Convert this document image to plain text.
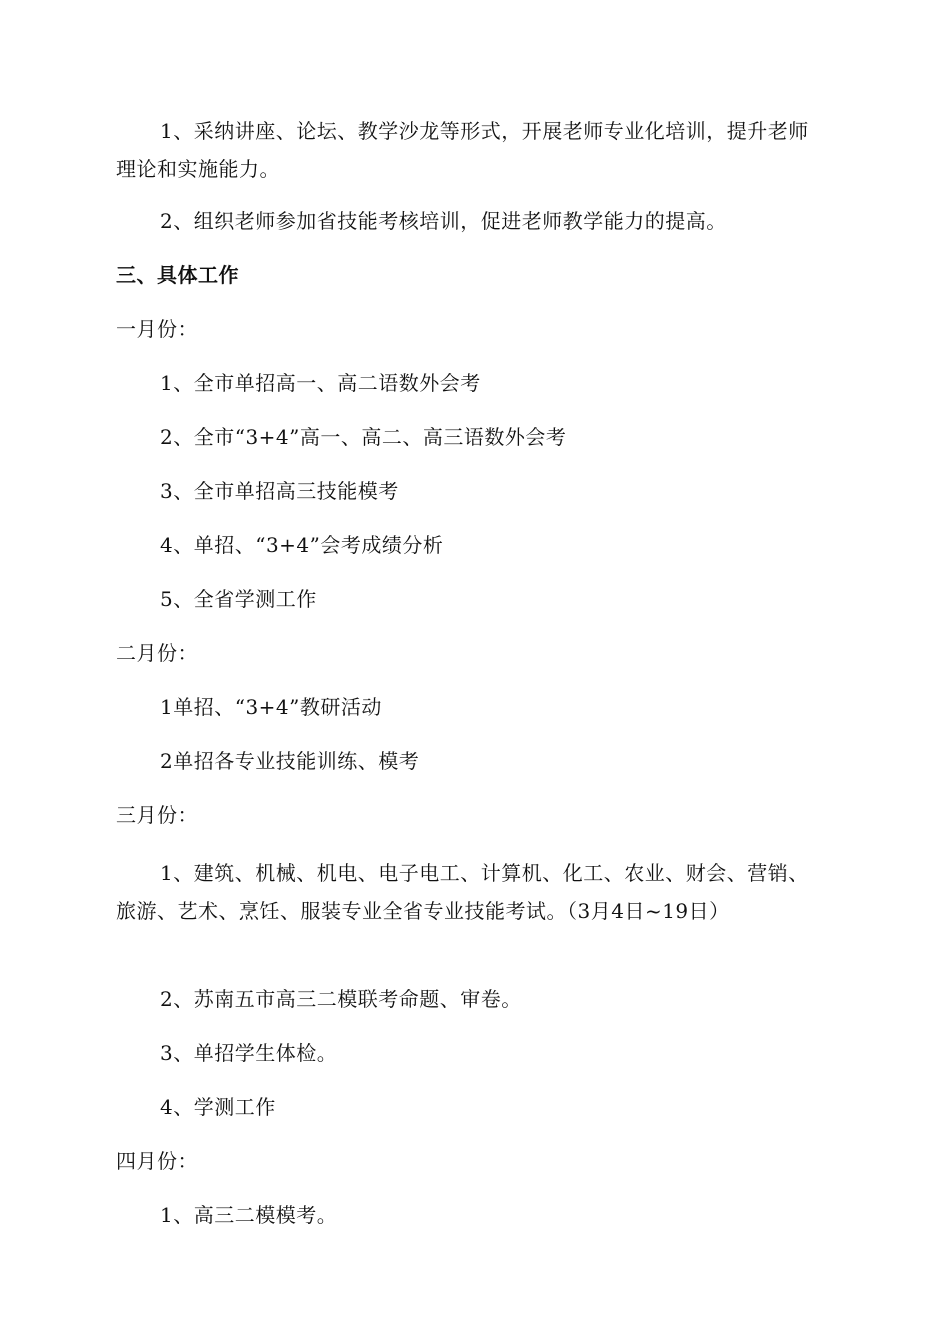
1、采纳讲座、论坛、教学沙龙等形式，开展老师专业化培训，提升老师理论和实施能力。
2、组织老师参加省技能考核培训，促进老师教学能力的提高。
三、具体工作
一月份：
1、全市单招高一、高二语数外会考
2、全市“3+4”高一、高二、高三语数外会考
3、全市单招高三技能模考
4、单招、“3+4”会考成绩分析
5、全省学测工作
二月份：
1单招、“3+4”教研活动
2单招各专业技能训练、模考
三月份：
1、建筑、机械、机电、电子电工、计算机、化工、农业、财会、营销、旅游、艺术、烹饪、服装专业全省专业技能考试。（3月4日~19日）
2、苏南五市高三二模联考命题、审卷。
3、单招学生体检。
4、学测工作
四月份：
1、高三二模模考。
